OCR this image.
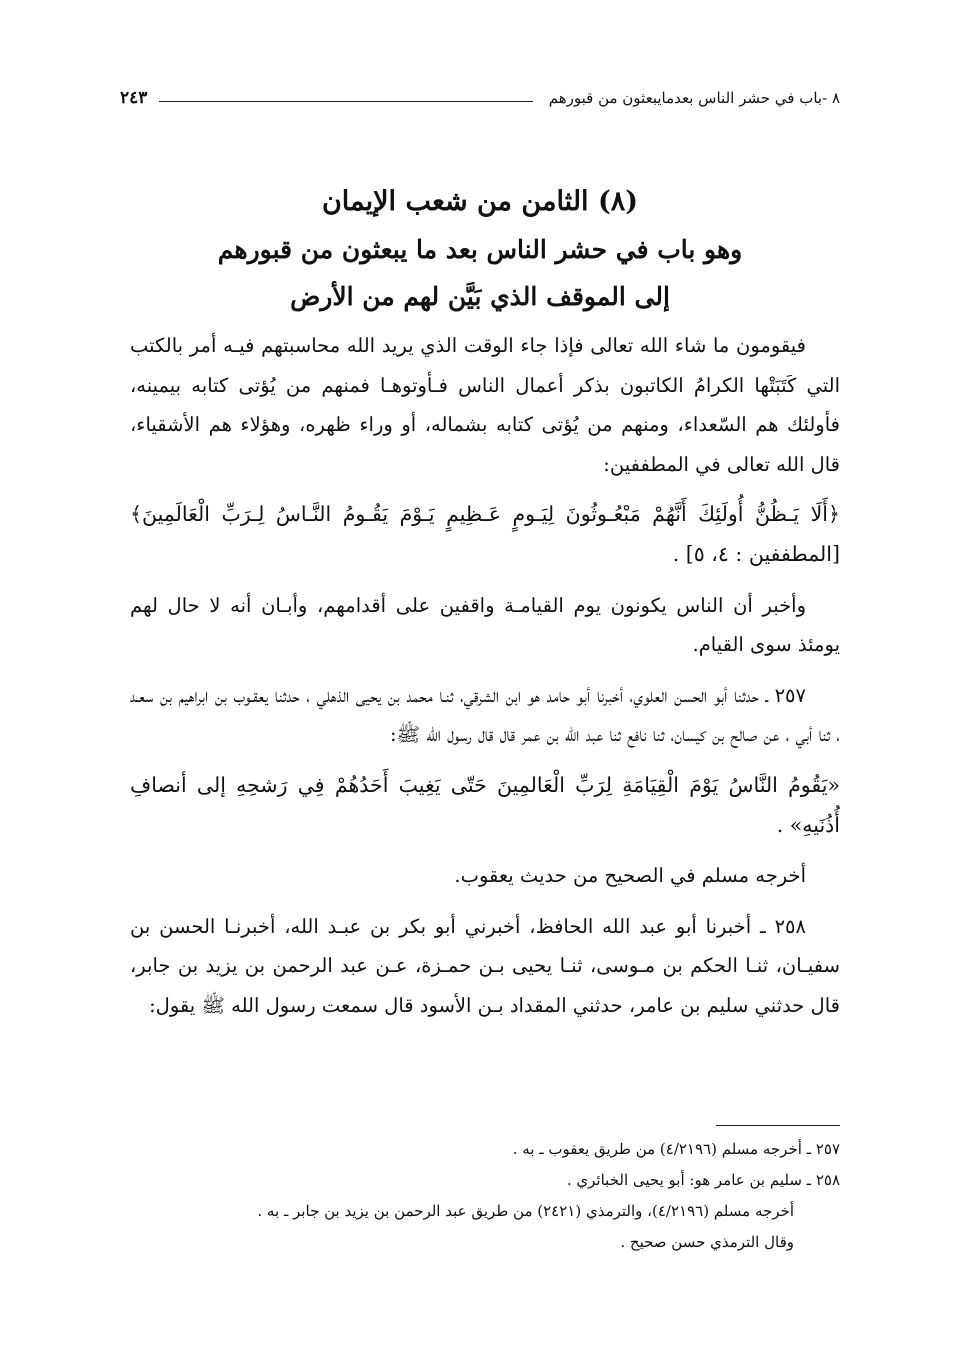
٨ -باب في حشر الناس بعدمايبعثون من قبورهم
٢٤٣
(٨) الثامن من شعب الإيمان
وهو باب في حشر الناس بعد ما يبعثون من قبورهم
إلى الموقف الذي بَيَّن لهم من الأرض

فيقومون ما شاء الله تعالى فإذا جاء الوقت الذي يريد الله محاسبتهم فيـه أمر بالكتب التي كَتَبَتْها الكرامُ الكاتبون بذكر أعمال الناس فـأوتوهـا فمنهم من يُؤتى كتابه بيمينه، فأولئك هم السّعداء، ومنهم من يُؤتى كتابه بشماله، أو وراء ظهره، وهؤلاء هم الأشقياء، قال الله تعالى في المطففين:

﴿أَلَا يَـظُنُّ أُولَئِكَ أَنَّهُمْ مَبْعُـوثُونَ لِيَـومٍ عَـظِيمٍ يَـوْمَ يَقُـومُ النَّـاسُ لِـرَبِّ الْعَالَمِينَ﴾ [المطففين : ٤، ٥] .

وأخبر أن الناس يكونون يوم القيامـة واقفين على أقدامهم، وأبـان أنه لا حال لهم يومئذ سوى القيام.

٢٥٧ ـ حدثنا أبو الحسن العلوي، أخبرنا أبو حامد هو ابن الشرقي، ثنـا محمد بن يحيى الذهلي ، حدثنا يعقـوب بن ابراهيم بن سعـد ، ثنا أبي ، عن صالح بن كيسان، ثنا نافع ثنا عبد الله بن عمر قال قال رسول الله ﷺ:

«يَقُومُ النَّاسُ يَوْمَ الْقِيَامَةِ لِرَبِّ الْعَالمِينَ حَتّى يَغِيبَ أَحَدُهُمْ فِي رَشحِهِ إلى أنصافِ أُذُنَيهِ» .

أخرجه مسلم في الصحيح من حديث يعقوب.

٢٥٨ ـ أخبرنا أبو عبد الله الحافظ، أخبرني أبو بكر بن عبـد الله، أخبرنـا الحسن بن سفيـان، ثنـا الحكم بن مـوسى، ثنـا يحيى بـن حمـزة، عـن عبد الرحمن بن يزيد بن جابر، قال حدثني سليم بن عامر، حدثني المقداد بـن الأسود قال سمعت رسول الله ﷺ يقول:

٢٥٧ ـ أخرجه مسلم (٤/٢١٩٦) من طريق يعقوب ـ به .

٢٥٨ ـ سليم بن عامر هو: أبو يحيى الخبائري .

أخرجه مسلم (٤/٢١٩٦)، والترمذي (٢٤٢١) من طريق عبد الرحمن بن يزيد بن جابر ـ به .

وقال الترمذي حسن صحيح .
